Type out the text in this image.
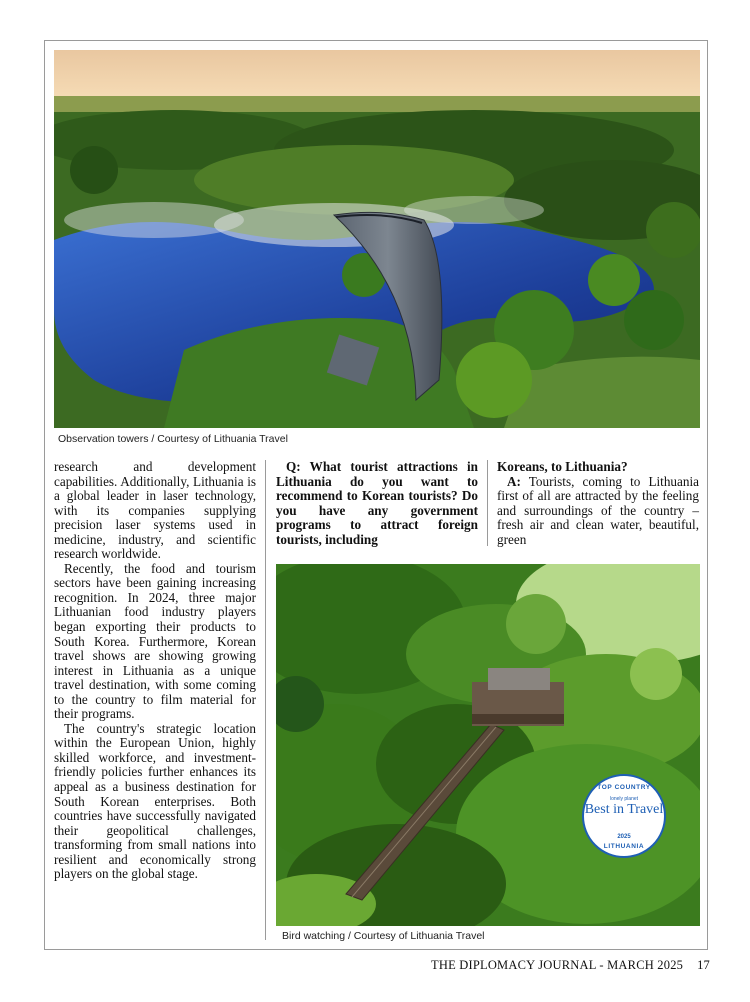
Observation towers / Courtesy of Lithuania Travel

research and development capabilities. Additionally, Lithuania is a global leader in laser technology, with its companies supplying precision laser systems used in medicine, industry, and scientific research worldwide.

Recently, the food and tourism sectors have been gaining increasing recognition. In 2024, three major Lithuanian food industry players began exporting their products to South Korea. Furthermore, Korean travel shows are showing growing interest in Lithuania as a unique travel destination, with some coming to the country to film material for their programs.

The country's strategic location within the European Union, highly skilled workforce, and investment-friendly policies further enhances its appeal as a business destination for South Korean enterprises. Both countries have successfully navigated their geopolitical challenges, transforming from small nations into resilient and economically strong players on the global stage.

Q: What tourist attractions in Lithuania do you want to recommend to Korean tourists? Do you have any government programs to attract foreign tourists, including

Koreans, to Lithuania?

A: Tourists, coming to Lithuania first of all are attracted by the feeling and surroundings of the country – fresh air and clean water, beautiful, green

Bird watching / Courtesy of Lithuania Travel
TOP COUNTRY
lonely planet
Best in Travel
2025
LITHUANIA
THE DIPLOMACY JOURNAL - MARCH 2025 17
